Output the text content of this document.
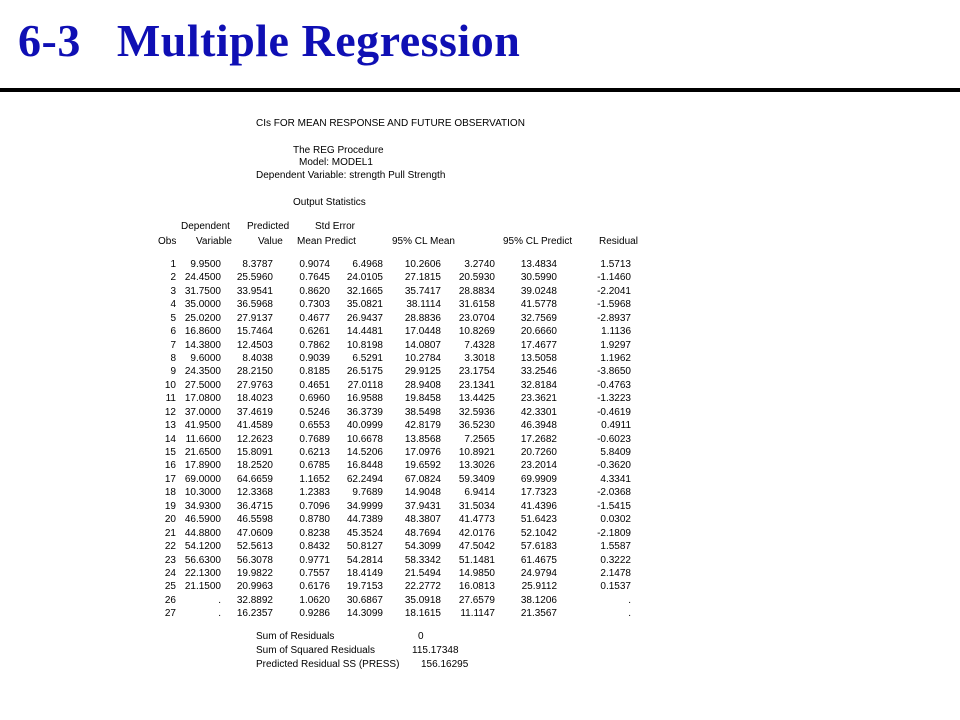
6-3   Multiple Regression
CIs FOR MEAN RESPONSE AND FUTURE OBSERVATION
The REG Procedure
Model: MODEL1
Dependent Variable: strength Pull Strength
Output Statistics
Dependent Predicted	Std Error
Obs Variable	Value Mean Predict	95% CL Mean	95% CL Predict	Residual
1 9.9500 8.3787	0.9074 6.4968 10.2606 3.2740	13.4834	1.5713
2 24.4500 25.5960	0.7645 24.0105 27.1815 20.5930	30.5990	-1.1460
3 31.7500 33.9541	0.8620 32.1665 35.7417 28.8834	39.0248	-2.2041
4 35.0000 36.5968	0.7303 35.0821 38.1114 31.6158	41.5778	-1.5968
5 25.0200 27.9137	0.4677 26.9437 28.8836 23.0704	32.7569	-2.8937
6 16.8600 15.7464	0.6261 14.4481 17.0448 10.8269	20.6660	1.1136
7 14.3800 12.4503	0.7862 10.8198 14.0807 7.4328	17.4677	1.9297
8 9.6000 8.4038	0.9039 6.5291 10.2784 3.3018	13.5058	1.1962
9 24.3500 28.2150	0.8185 26.5175 29.9125 23.1754	33.2546	-3.8650
10 27.5000 27.9763	0.4651 27.0118 28.9408 23.1341	32.8184	-0.4763
11 17.0800 18.4023	0.6960 16.9588 19.8458 13.4425	23.3621	-1.3223
12 37.0000 37.4619	0.5246 36.3739 38.5498 32.5936	42.3301	-0.4619
13 41.9500 41.4589	0.6553 40.0999 42.8179 36.5230	46.3948	0.4911
14 11.6600 12.2623	0.7689 10.6678 13.8568 7.2565	17.2682	-0.6023
15 21.6500 15.8091	0.6213 14.5206 17.0976 10.8921	20.7260	5.8409
16 17.8900 18.2520	0.6785 16.8448 19.6592 13.3026	23.2014	-0.3620
17 69.0000 64.6659	1.1652 62.2494 67.0824 59.3409	69.9909	4.3341
18 10.3000 12.3368	1.2383 9.7689 14.9048 6.9414	17.7323	-2.0368
19 34.9300 36.4715	0.7096 34.9999 37.9431 31.5034	41.4396	-1.5415
20 46.5900 46.5598	0.8780 44.7389 48.3807 41.4773	51.6423	0.0302
21 44.8800 47.0609	0.8238 45.3524 48.7694 42.0176	52.1042	-2.1809
22 54.1200 52.5613	0.8432 50.8127 54.3099 47.5042	57.6183	1.5587
23 56.6300 56.3078	0.9771 54.2814 58.3342 51.1481	61.4675	0.3222
24 22.1300 19.9822	0.7557 18.4149 21.5494 14.9850	24.9794	2.1478
25 21.1500 20.9963	0.6176 19.7153 22.2772 16.0813	25.9112	0.1537
26	. 32.8892	1.0620 30.6867 35.0918 27.6579	38.1206	.
27	. 16.2357	0.9286 14.3099 18.1615 11.1147	21.3567	.
Sum of Residuals	0
Sum of Squared Residuals	115.17348
Predicted Residual SS (PRESS) 156.16295
